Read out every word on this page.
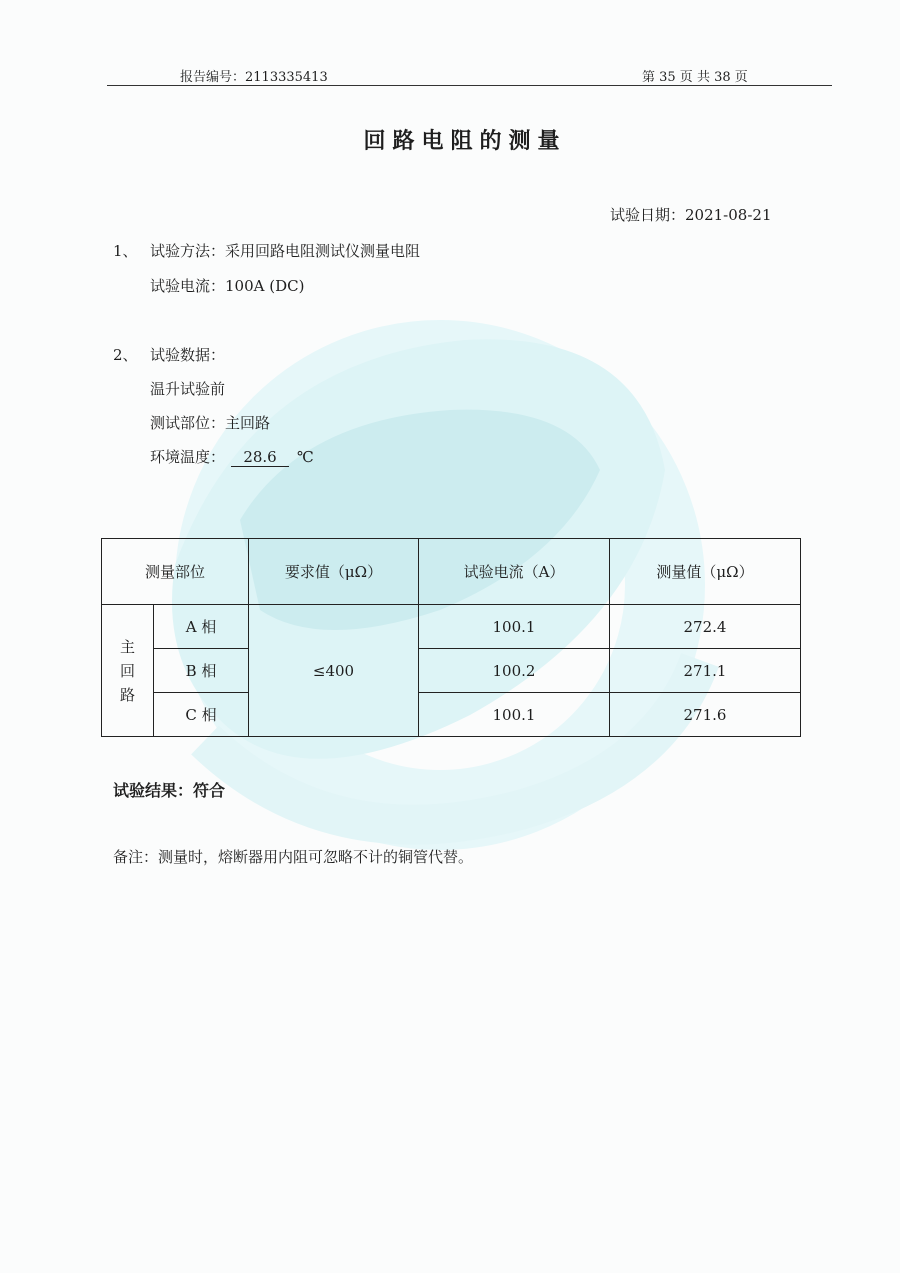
报告编号：2113335413	第 35 页 共 38 页
回路电阻的测量
试验日期：2021-08-21
1、 试验方法：采用回路电阻测试仪测量电阻
试验电流：100A (DC)
2、 试验数据：
温升试验前
测试部位：主回路
环境温度： 28.6 ℃
测量部位		要求值（μΩ）	试验电流（A）	测量值（μΩ）
主
回
路	A 相	≤400	100.1	272.4
	B 相		100.2	271.1
	C 相		100.1	271.6
试验结果：符合
备注：测量时，熔断器用内阻可忽略不计的铜管代替。
